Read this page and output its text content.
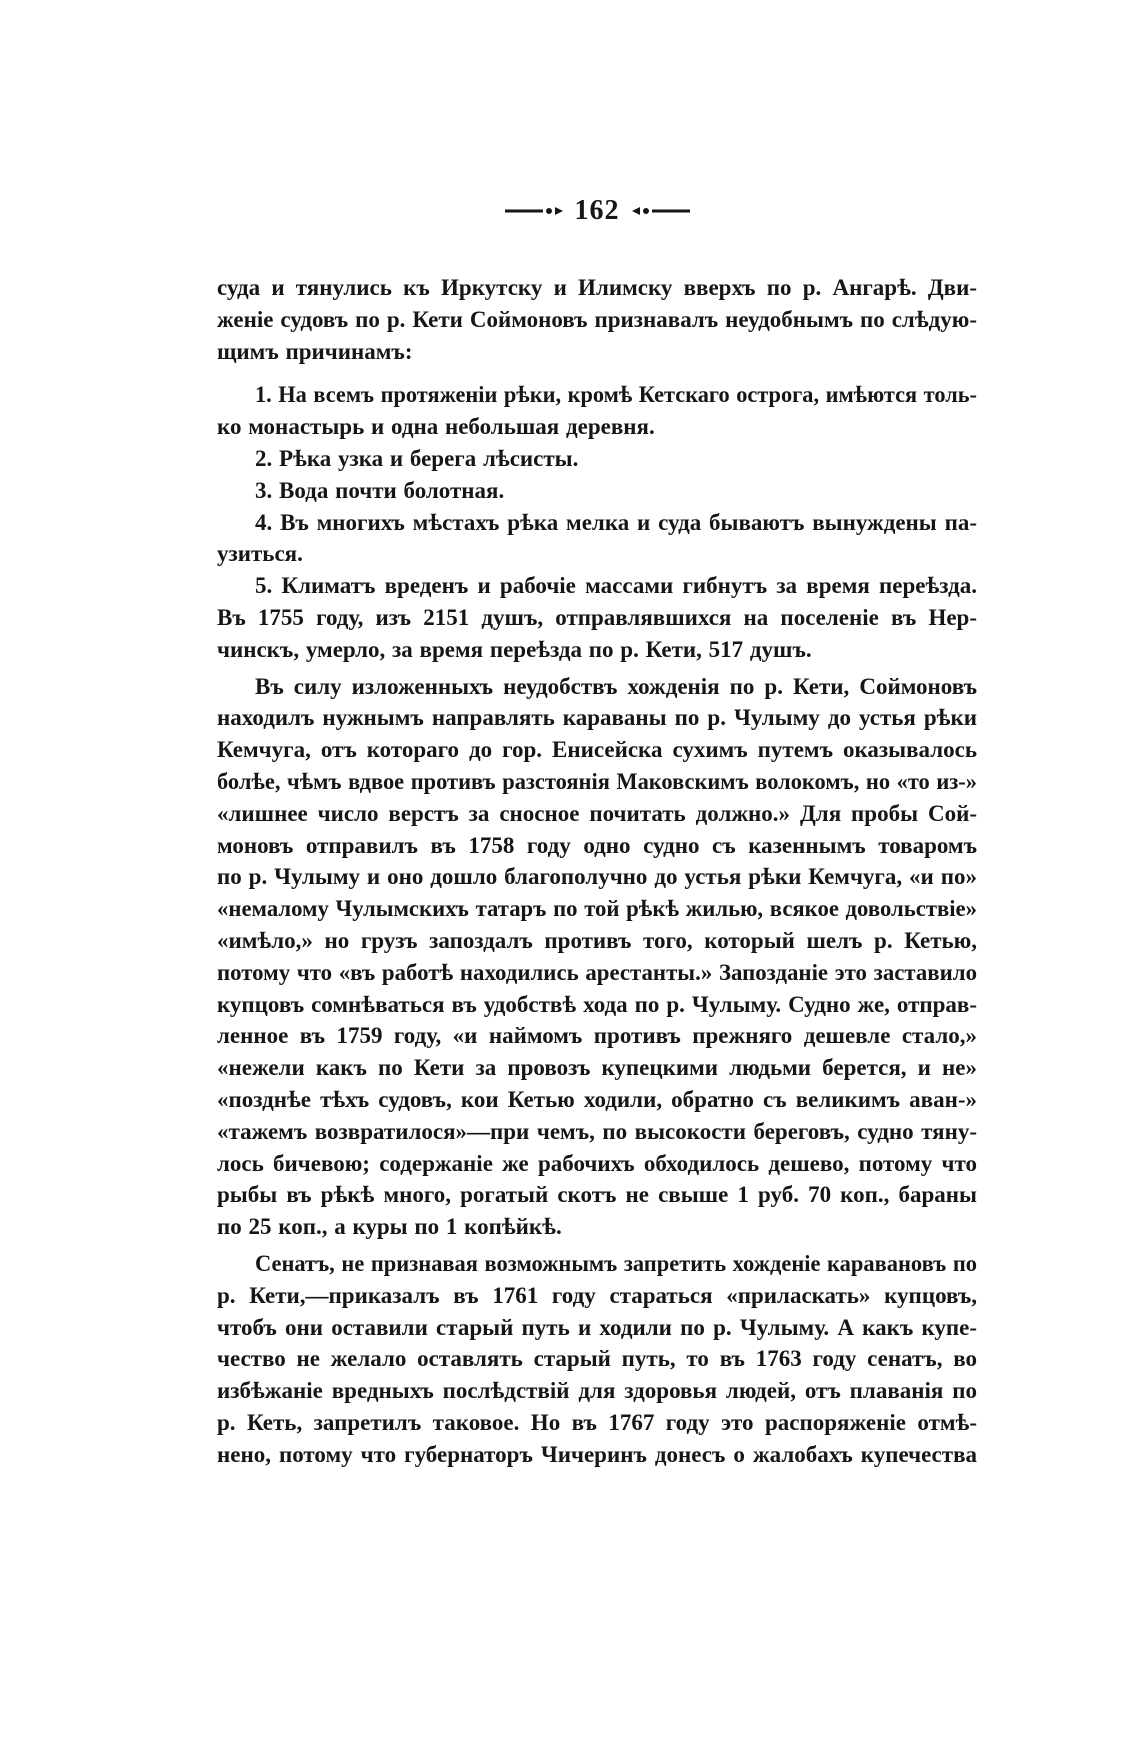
162
суда и тянулись къ Иркутску и Илимску вверхъ по р. Ангарѣ. Дви-
женіе судовъ по р. Кети Соймоновъ признавалъ неудобнымъ по слѣдую-
щимъ причинамъ:
1. На всемъ протяженіи рѣки, кромѣ Кетскаго острога, имѣются толь-
ко монастырь и одна небольшая деревня.
2. Рѣка узка и берега лѣсисты.
3. Вода почти болотная.
4. Въ многихъ мѣстахъ рѣка мелка и суда бываютъ вынуждены па-
узиться.
5. Климатъ вреденъ и рабочіе массами гибнутъ за время переѣзда.
Въ 1755 году, изъ 2151 душъ, отправлявшихся на поселеніе въ Нер-
чинскъ, умерло, за время переѣзда по р. Кети, 517 душъ.
Въ силу изложенныхъ неудобствъ хожденія по р. Кети, Соймоновъ
находилъ нужнымъ направлять караваны по р. Чулыму до устья рѣки
Кемчуга, отъ котораго до гор. Енисейска сухимъ путемъ оказывалось
болѣе, чѣмъ вдвое противъ разстоянія Маковскимъ волокомъ, но «то из-»
«лишнее число верстъ за сносное почитать должно.» Для пробы Сой-
моновъ отправилъ въ 1758 году одно судно съ казеннымъ товаромъ
по р. Чулыму и оно дошло благополучно до устья рѣки Кемчуга, «и по»
«немалому Чулымскихъ татаръ по той рѣкѣ жилью, всякое довольствіе»
«имѣло,» но грузъ запоздалъ противъ того, который шелъ р. Кетью,
потому что «въ работѣ находились арестанты.» Запозданіе это заставило
купцовъ сомнѣваться въ удобствѣ хода по р. Чулыму. Судно же, отправ-
ленное въ 1759 году, «и наймомъ противъ прежняго дешевле стало,»
«нежели какъ по Кети за провозъ купецкими людьми берется, и не»
«позднѣе тѣхъ судовъ, кои Кетью ходили, обратно съ великимъ аван-»
«тажемъ возвратилося»—при чемъ, по высокости береговъ, судно тяну-
лось бичевою; содержаніе же рабочихъ обходилось дешево, потому что
рыбы въ рѣкѣ много, рогатый скотъ не свыше 1 руб. 70 коп., бараны
по 25 коп., а куры по 1 копѣйкѣ.
Сенатъ, не признавая возможнымъ запретить хожденіе каравановъ по
р. Кети,—приказалъ въ 1761 году стараться «приласкать» купцовъ,
чтобъ они оставили старый путь и ходили по р. Чулыму. А какъ купе-
чество не желало оставлять старый путь, то въ 1763 году сенатъ, во
избѣжаніе вредныхъ послѣдствій для здоровья людей, отъ плаванія по
р. Кеть, запретилъ таковое. Но въ 1767 году это распоряженіе отмѣ-
нено, потому что губернаторъ Чичеринъ донесъ о жалобахъ купечества
